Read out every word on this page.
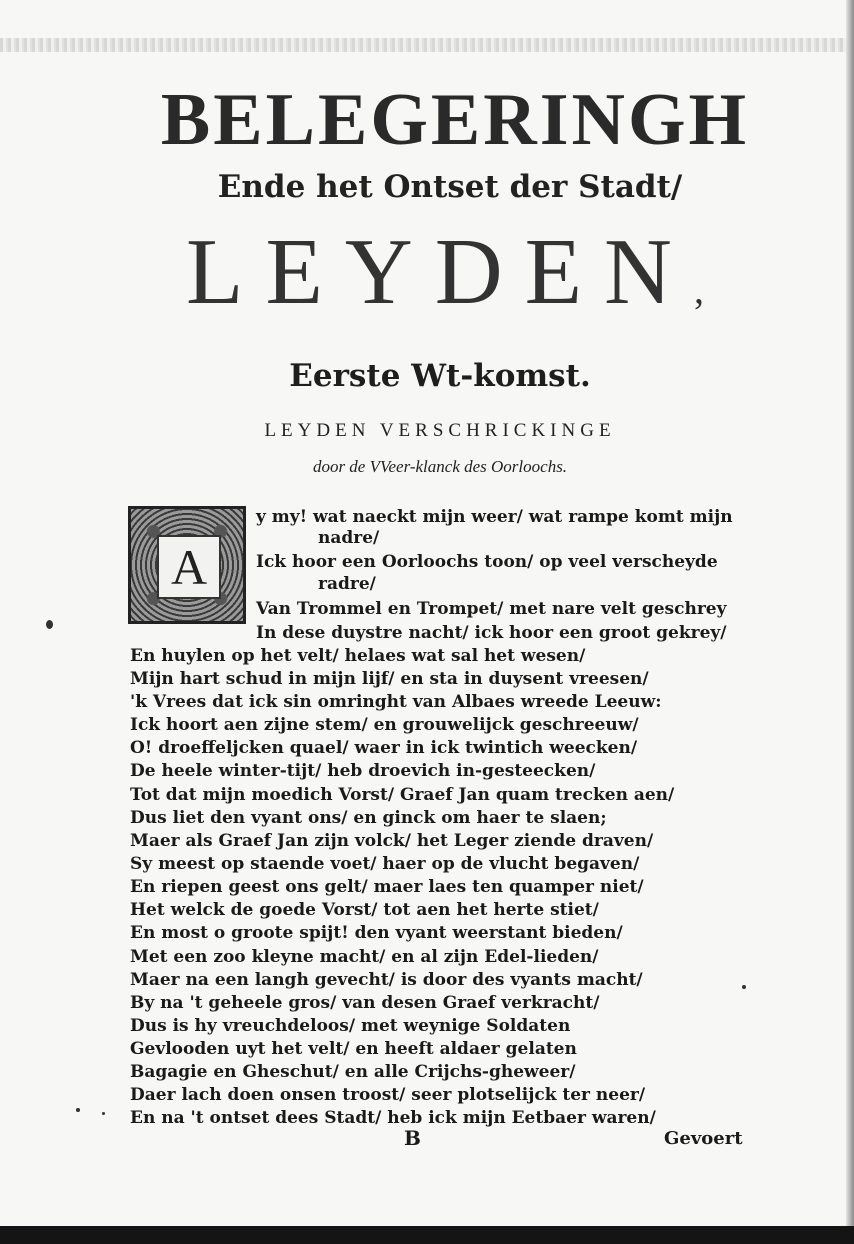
BELEGERINGH
Ende het Ontset der Stadt/
LEYDEN,
Eerste Wt-komst.
LEYDEN VERSCHRICKINGE
door de VVeer-klanck des Oorloochs.
A
y my! wat naeckt mijn weer/ wat rampe komt mijn
nadre/
Ick hoor een Oorloochs toon/ op veel verscheyde
radre/
Van Trommel en Trompet/ met nare velt geschrey
In dese duystre nacht/ ick hoor een groot gekrey/
En huylen op het velt/ helaes wat sal het wesen/
Mijn hart schud in mijn lijf/ en sta in duysent vreesen/
'k Vrees dat ick sin omringht van Albaes wreede Leeuw:
Ick hoort aen zijne stem/ en grouwelijck geschreeuw/
O! droeffeljcken quael/ waer in ick twintich weecken/
De heele winter-tijt/ heb droevich in-gesteecken/
Tot dat mijn moedich Vorst/ Graef Jan quam trecken aen/
Dus liet den vyant ons/ en ginck om haer te slaen;
Maer als Graef Jan zijn volck/ het Leger ziende draven/
Sy meest op staende voet/ haer op de vlucht begaven/
En riepen geest ons gelt/ maer laes ten quamper niet/
Het welck de goede Vorst/ tot aen het herte stiet/
En most o groote spijt! den vyant weerstant bieden/
Met een zoo kleyne macht/ en al zijn Edel-lieden/
Maer na een langh gevecht/ is door des vyants macht/
By na 't geheele gros/ van desen Graef verkracht/
Dus is hy vreuchdeloos/ met weynige Soldaten
Gevlooden uyt het velt/ en heeft aldaer gelaten
Bagagie en Gheschut/ en alle Crijchs-gheweer/
Daer lach doen onsen troost/ seer plotselijck ter neer/
En na 't ontset dees Stadt/ heb ick mijn Eetbaer waren/
B	Gevoert
